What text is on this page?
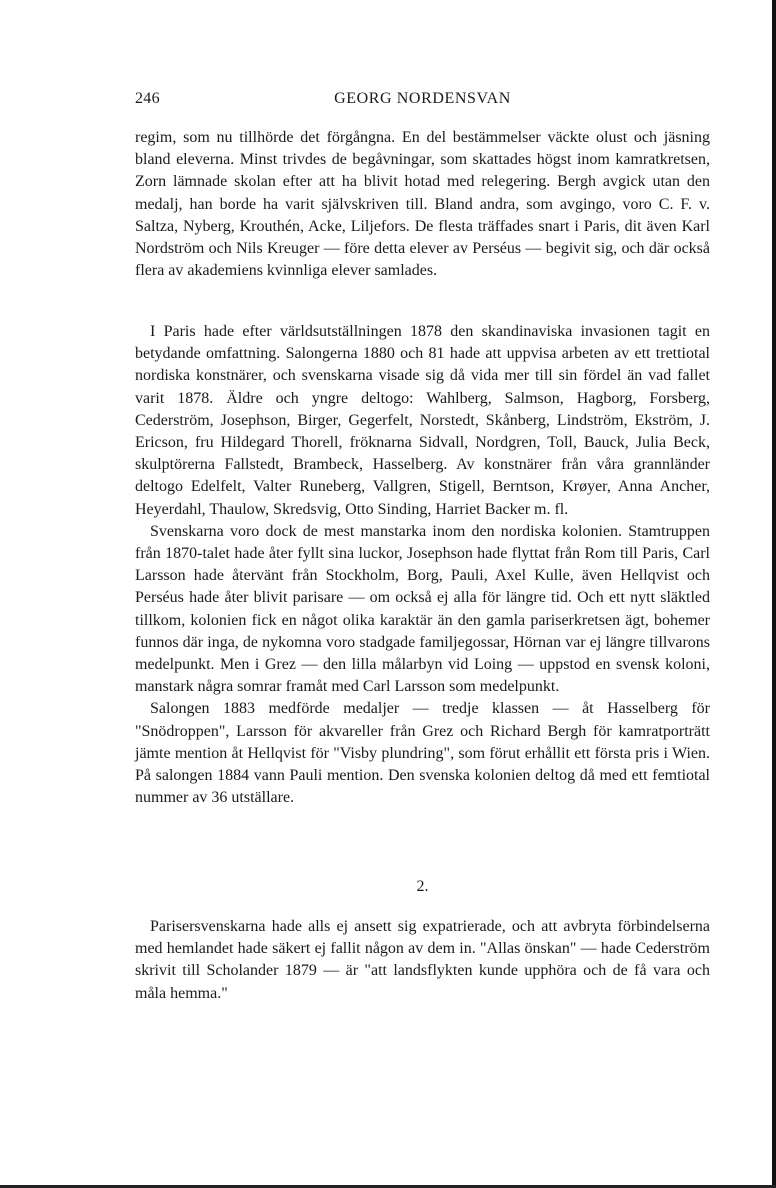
246	GEORG NORDENSVAN

regim, som nu tillhörde det förgångna. En del bestämmelser väckte olust och jäsning bland eleverna. Minst trivdes de begåvningar, som skattades högst inom kamratkretsen, Zorn lämnade skolan efter att ha blivit hotad med relegering. Bergh avgick utan den medalj, han borde ha varit självskriven till. Bland andra, som avgingo, voro C. F. v. Saltza, Nyberg, Krouthén, Acke, Liljefors. De flesta träffades snart i Paris, dit även Karl Nordström och Nils Kreuger — före detta elever av Perséus — begivit sig, och där också flera av akademiens kvinnliga elever samlades.

I Paris hade efter världsutställningen 1878 den skandinaviska invasionen tagit en betydande omfattning. Salongerna 1880 och 81 hade att uppvisa arbeten av ett trettiotal nordiska konstnärer, och svenskarna visade sig då vida mer till sin fördel än vad fallet varit 1878. Äldre och yngre deltogo: Wahlberg, Salmson, Hagborg, Forsberg, Cederström, Josephson, Birger, Gegerfelt, Norstedt, Skånberg, Lindström, Ekström, J. Ericson, fru Hildegard Thorell, fröknarna Sidvall, Nordgren, Toll, Bauck, Julia Beck, skulptörerna Fallstedt, Brambeck, Hasselberg. Av konstnärer från våra grannländer deltogo Edelfelt, Valter Runeberg, Vallgren, Stigell, Berntson, Krøyer, Anna Ancher, Heyerdahl, Thaulow, Skredsvig, Otto Sinding, Harriet Backer m. fl.

Svenskarna voro dock de mest manstarka inom den nordiska kolonien. Stamtruppen från 1870-talet hade åter fyllt sina luckor, Josephson hade flyttat från Rom till Paris, Carl Larsson hade återvänt från Stockholm, Borg, Pauli, Axel Kulle, även Hellqvist och Perséus hade åter blivit parisare — om också ej alla för längre tid. Och ett nytt släktled tillkom, kolonien fick en något olika karaktär än den gamla pariserkretsen ägt, bohemer funnos där inga, de nykomna voro stadgade familjegossar, Hörnan var ej längre tillvarons medelpunkt. Men i Grez — den lilla målarbyn vid Loing — uppstod en svensk koloni, manstark några somrar framåt med Carl Larsson som medelpunkt.

Salongen 1883 medförde medaljer — tredje klassen — åt Hasselberg för "Snödroppen", Larsson för akvareller från Grez och Richard Bergh för kamratporträtt jämte mention åt Hellqvist för "Visby plundring", som förut erhållit ett första pris i Wien. På salongen 1884 vann Pauli mention. Den svenska kolonien deltog då med ett femtiotal nummer av 36 utställare.

2.

Parisersvenskarna hade alls ej ansett sig expatrierade, och att avbryta förbindelserna med hemlandet hade säkert ej fallit någon av dem in. "Allas önskan" — hade Cederström skrivit till Scholander 1879 — är "att landsflykten kunde upphöra och de få vara och måla hemma."
